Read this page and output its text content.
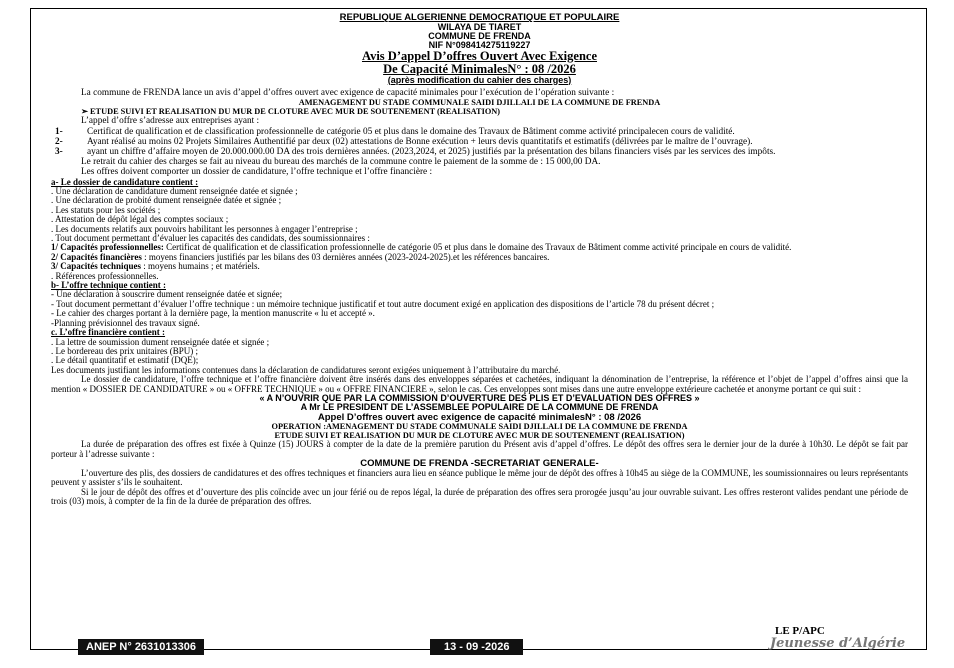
REPUBLIQUE ALGERIENNE DEMOCRATIQUE ET POPULAIRE
WILAYA DE TIARET
COMMUNE DE FRENDA
NIF N°098414275119227
Avis D’appel D’offres Ouvert Avec Exigence
De Capacité MinimalesN° : 08 /2026
(après modification du cahier des charges)

La commune de FRENDA lance un avis d’appel d’offres ouvert avec exigence de capacité minimales pour l’exécution de l’opération suivante :

AMENAGEMENT DU STADE COMMUNALE SAIDI DJILLALI DE LA COMMUNE DE FRENDA
➢ ETUDE SUIVI ET REALISATION DU MUR DE CLOTURE AVEC MUR DE SOUTENEMENT (REALISATION)

L’appel d’offre s’adresse aux entreprises ayant :

1-	Certificat de qualification et de classification professionnelle de catégorie 05 et plus dans le domaine des Travaux de Bâtiment comme activité principalecen cours de validité.
2-	Ayant réalisé au moins 02 Projets Similaires Authentifié par deux (02) attestations de Bonne exécution + leurs devis quantitatifs et estimatifs (délivrées par le maître de l’ouvrage).
3-	ayant un chiffre d’affaire moyen de 20.000.000.00 DA des trois dernières années. (2023,2024, et 2025) justifiés par la présentation des bilans financiers visés par les services des impôts.

Le retrait du cahier des charges se fait au niveau du bureau des marchés de la commune contre le paiement de la somme de : 15 000,00 DA.

Les offres doivent comporter un dossier de candidature, l’offre technique et l’offre financière :

a- Le dossier de candidature contient :
. Une déclaration de candidature dument renseignée datée et signée ;
. Une déclaration de probité dument renseignée datée et signée ;
. Les statuts pour les sociétés ;
. Attestation de dépôt légal des comptes sociaux ;
. Les documents relatifs aux pouvoirs habilitant les personnes à engager l’entreprise ;
. Tout document permettant d’évaluer les capacités des candidats, des soumissionnaires :

1/ Capacités professionnelles: Certificat de qualification et de classification professionnelle de catégorie 05 et plus dans le domaine des Travaux de Bâtiment comme activité principale en cours de validité.

2/ Capacités financières : moyens financiers justifiés par les bilans des 03 dernières années (2023-2024-2025).et les références bancaires.

3/ Capacités techniques : moyens humains ; et matériels.

. Références professionnelles.
b- L’offre technique contient :
- Une déclaration à souscrire dument renseignée datée et signée;

- Tout document permettant d’évaluer l’offre technique : un mémoire technique justificatif et tout autre document exigé en application des dispositions de l’article 78 du présent décret ;

- Le cahier des charges portant à la dernière page, la mention manuscrite « lu et accepté ».
-Planning prévisionnel des travaux signé.
c. L’offre financière contient :
. La lettre de soumission dument renseignée datée et signée ;
. Le bordereau des prix unitaires (BPU) ;
. Le détail quantitatif et estimatif (DQE);

Les documents justifiant les informations contenues dans la déclaration de candidatures seront exigées uniquement à l’attributaire du marché.

Le dossier de candidature, l’offre technique et l’offre financière doivent être insérés dans des enveloppes séparées et cachetées, indiquant la dénomination de l’entreprise, la référence et l’objet de l’appel d’offres ainsi que la mention « DOSSIER DE CANDIDATURE » ou « OFFRE TECHNIQUE » ou « OFFRE FINANCIERE », selon le cas. Ces enveloppes sont mises dans une autre enveloppe extérieure cachetée et anonyme portant ce qui suit :

« A N’OUVRIR QUE PAR LA COMMISSION D’OUVERTURE DES PLIS ET D’EVALUATION DES OFFRES »
A Mr LE PRESIDENT DE L’ASSEMBLEE POPULAIRE DE LA COMMUNE DE FRENDA
Appel D’offres ouvert avec exigence de capacité minimalesN° : 08 /2026
OPERATION :AMENAGEMENT DU STADE COMMUNALE SAIDI DJILLALI DE LA COMMUNE DE FRENDA
ETUDE SUIVI ET REALISATION DU MUR DE CLOTURE AVEC MUR DE SOUTENEMENT (REALISATION)

La durée de préparation des offres est fixée à Quinze (15) JOURS à compter de la date de la première parution du Présent avis d’appel d’offres. Le dépôt des offres sera le dernier jour de la durée à 10h30. Le dépôt se fait par porteur à l’adresse suivante :

COMMUNE DE FRENDA -SECRETARIAT GENERALE-

L’ouverture des plis, des dossiers de candidatures et des offres techniques et financiers aura lieu en séance publique le même jour de dépôt des offres à 10h45 au siège de la COMMUNE, les soumissionnaires ou leurs représentants peuvent y assister s’ils le souhaitent.

Si le jour de dépôt des offres et d’ouverture des plis coïncide avec un jour férié ou de repos légal, la durée de préparation des offres sera prorogée jusqu’au jour ouvrable suivant. Les offres resteront valides pendant une période de trois (03) mois, à compter de la fin de la durée de préparation des offres.

LE P/APC
ANEP N° 2631013306	13 - 09 -2026	Jeunesse d’Algérie
